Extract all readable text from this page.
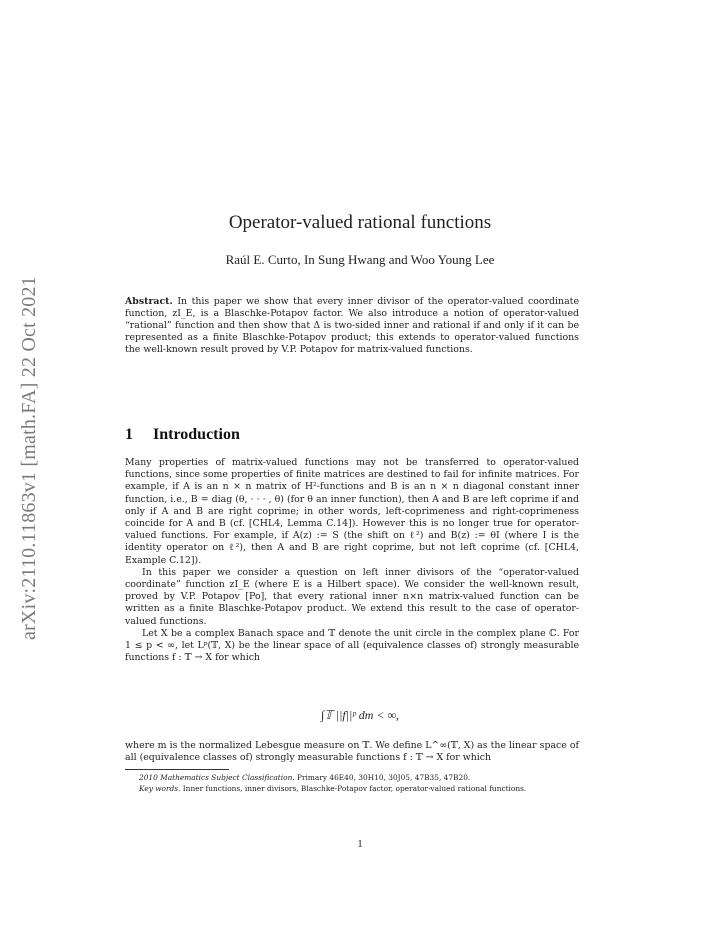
arXiv:2110.11863v1 [math.FA] 22 Oct 2021
Operator-valued rational functions
Raúl E. Curto, In Sung Hwang and Woo Young Lee
Abstract. In this paper we show that every inner divisor of the operator-valued coordinate function, zI_E, is a Blaschke-Potapov factor. We also introduce a notion of operator-valued “rational” function and then show that Δ is two-sided inner and rational if and only if it can be represented as a finite Blaschke-Potapov product; this extends to operator-valued functions the well-known result proved by V.P. Potapov for matrix-valued functions.
1 Introduction

Many properties of matrix-valued functions may not be transferred to operator-valued functions, since some properties of finite matrices are destined to fail for infinite matrices. For example, if A is an n × n matrix of H²-functions and B is an n × n diagonal constant inner function, i.e., B = diag (θ, · · · , θ) (for θ an inner function), then A and B are left coprime if and only if A and B are right coprime; in other words, left-coprimeness and right-coprimeness coincide for A and B (cf. [CHL4, Lemma C.14]). However this is no longer true for operator-valued functions. For example, if A(z) := S (the shift on ℓ²) and B(z) := θI (where I is the identity operator on ℓ²), then A and B are right coprime, but not left coprime (cf. [CHL4, Example C.12]).

In this paper we consider a question on left inner divisors of the “operator-valued coordinate” function zI_E (where E is a Hilbert space). We consider the well-known result, proved by V.P. Potapov [Po], that every rational inner n×n matrix-valued function can be written as a finite Blaschke-Potapov product. We extend this result to the case of operator-valued functions.

Let X be a complex Banach space and 𝕋 denote the unit circle in the complex plane ℂ. For 1 ≤ p < ∞, let Lᵖ(𝕋, X) be the linear space of all (equivalence classes of) strongly measurable functions f : 𝕋 → X for which

∫𝕋 ||f||ᵖ dm < ∞,

where m is the normalized Lebesgue measure on 𝕋. We define L^∞(𝕋, X) as the linear space of all (equivalence classes of) strongly measurable functions f : 𝕋 → X for which

2010 Mathematics Subject Classification. Primary 46E40, 30H10, 30J05, 47B35, 47B20.
Key words. Inner functions, inner divisors, Blaschke-Potapov factor, operator-valued rational functions.
1
